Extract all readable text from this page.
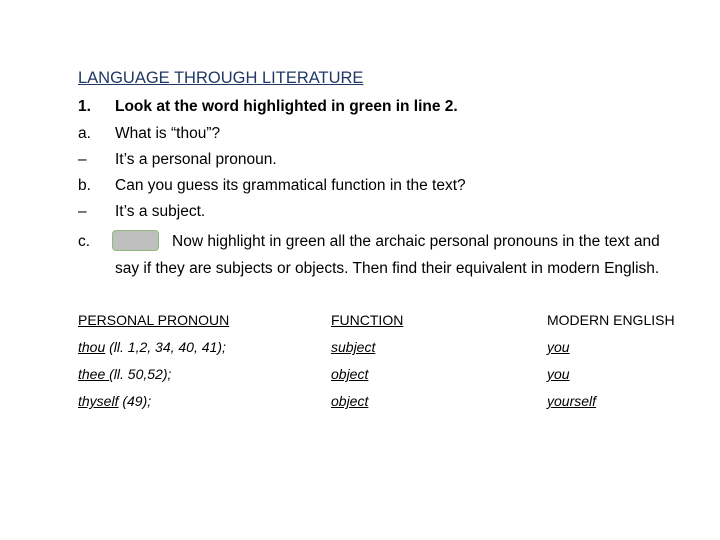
LANGUAGE THROUGH LITERATURE
1. Look at the word highlighted in green in line 2.
a. What is “thou”?
– It’s a personal pronoun.
b. Can you guess its grammatical function in the text?
– It’s a subject.
c.	Now highlight in green all the archaic personal pronouns in the text and say if they are subjects or objects. Then find their equivalent in modern English.
PERSONAL PRONOUN	FUNCTION	MODERN ENGLISH
thou (ll. 1,2, 34, 40, 41);	subject	you
thee (ll. 50,52);	object	you
thyself (49);	object	yourself
